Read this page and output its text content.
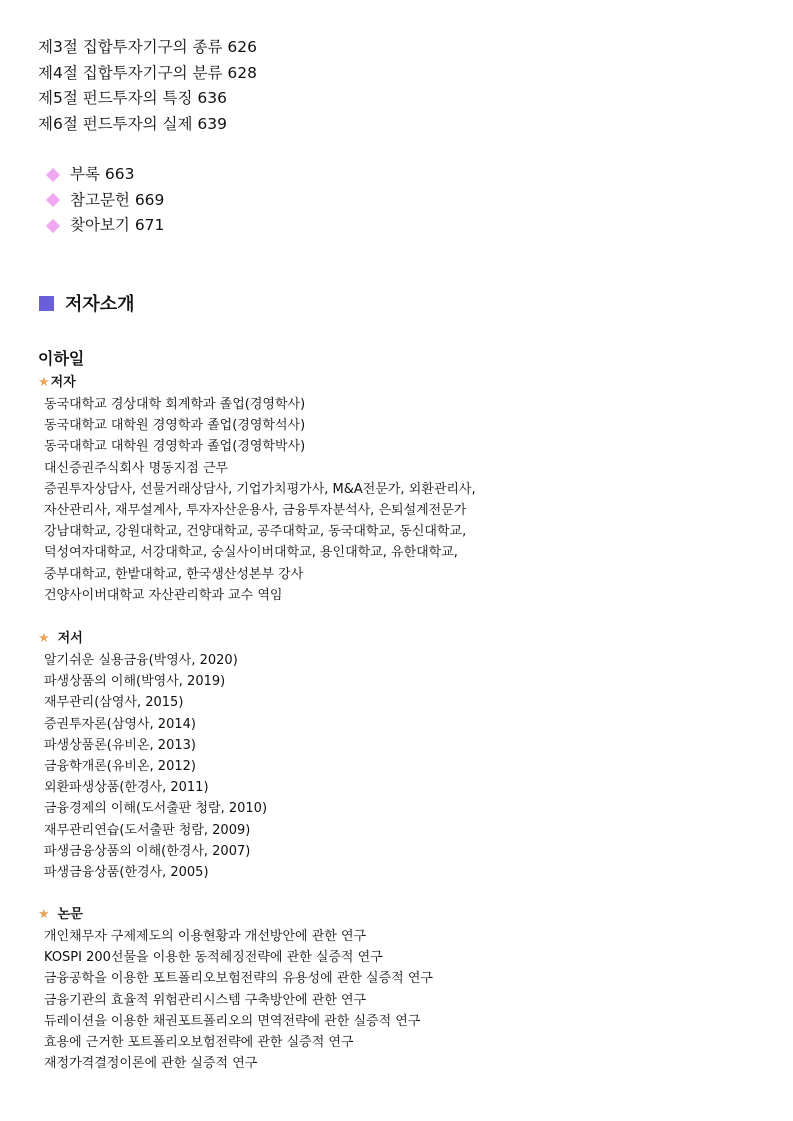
제3절 집합투자기구의 종류 626
제4절 집합투자기구의 분류 628
제5절 펀드투자의 특징 636
제6절 펀드투자의 실제 639
부록 663
참고문헌 669
찾아보기 671
저자소개
이하일
★ 저자
동국대학교 경상대학 회계학과 졸업(경영학사)
동국대학교 대학원 경영학과 졸업(경영학석사)
동국대학교 대학원 경영학과 졸업(경영학박사)
대신증권주식회사 명동지점 근무
증권투자상담사, 선물거래상담사, 기업가치평가사, M&A전문가, 외환관리사,
자산관리사, 재무설계사, 투자자산운용사, 금융투자분석사, 은퇴설계전문가
강남대학교, 강원대학교, 건양대학교, 공주대학교, 동국대학교, 동신대학교,
덕성여자대학교, 서강대학교, 숭실사이버대학교, 용인대학교, 유한대학교,
중부대학교, 한밭대학교, 한국생산성본부 강사
건양사이버대학교 자산관리학과 교수 역임
★ 저서
알기쉬운 실용금융(박영사, 2020)
파생상품의 이해(박영사, 2019)
재무관리(삼영사, 2015)
증권투자론(삼영사, 2014)
파생상품론(유비온, 2013)
금융학개론(유비온, 2012)
외환파생상품(한경사, 2011)
금융경제의 이해(도서출판 청람, 2010)
재무관리연습(도서출판 청람, 2009)
파생금융상품의 이해(한경사, 2007)
파생금융상품(한경사, 2005)
★ 논문
개인채무자 구제제도의 이용현황과 개선방안에 관한 연구
KOSPI 200선물을 이용한 동적헤징전략에 관한 실증적 연구
금융공학을 이용한 포트폴리오보험전략의 유용성에 관한 실증적 연구
금융기관의 효율적 위험관리시스템 구축방안에 관한 연구
듀레이션을 이용한 채권포트폴리오의 면역전략에 관한 실증적 연구
효용에 근거한 포트폴리오보험전략에 관한 실증적 연구
재정가격결정이론에 관한 실증적 연구
